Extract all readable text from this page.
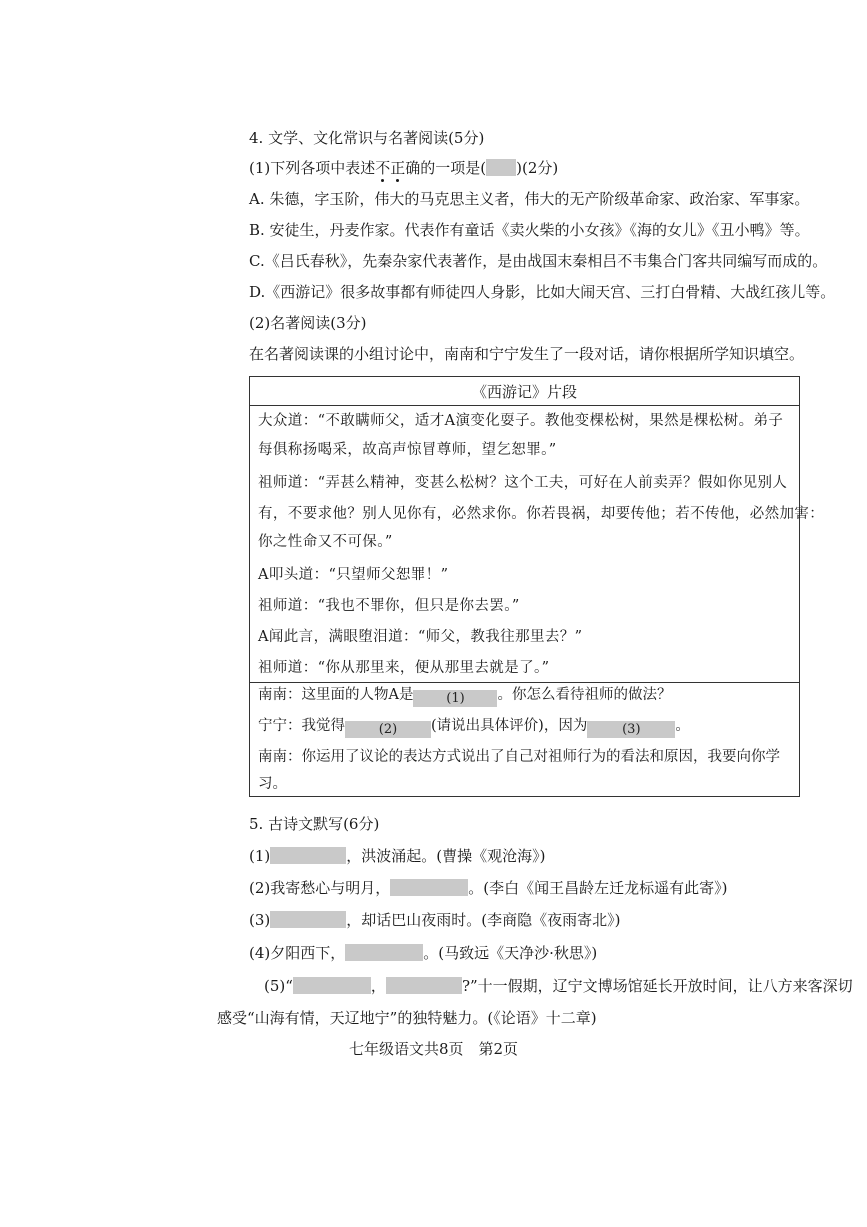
4. 文学、文化常识与名著阅读(5分)
(1)下列各项中表述不正确的一项是( )(2分)
A. 朱德，字玉阶，伟大的马克思主义者，伟大的无产阶级革命家、政治家、军事家。
B. 安徒生，丹麦作家。代表作有童话《卖火柴的小女孩》《海的女儿》《丑小鸭》等。
C.《吕氏春秋》，先秦杂家代表著作，是由战国末秦相吕不韦集合门客共同编写而成的。
D.《西游记》很多故事都有师徒四人身影，比如大闹天宫、三打白骨精、大战红孩儿等。
(2)名著阅读(3分)
在名著阅读课的小组讨论中，南南和宁宁发生了一段对话，请你根据所学知识填空。
《西游记》片段
大众道：“不敢瞒师父，适才A演变化耍子。教他变棵松树，果然是棵松树。弟子
每俱称扬喝采，故高声惊冒尊师，望乞恕罪。”
祖师道：“弄甚么精神，变甚么松树？这个工夫，可好在人前卖弄？假如你见别人
有，不要求他？别人见你有，必然求你。你若畏祸，却要传他；若不传他，必然加害：
你之性命又不可保。”
A叩头道：“只望师父恕罪！”
祖师道：“我也不罪你，但只是你去罢。”
A闻此言，满眼堕泪道：“师父，教我往那里去？”
祖师道：“你从那里来，便从那里去就是了。”
南南：这里面的人物A是	(1) 。你怎么看待祖师的做法？
宁宁：我觉得	(2) (请说出具体评价)，因为	(3) 。
南南：你运用了议论的表达方式说出了自己对祖师行为的看法和原因，我要向你学
习。
5. 古诗文默写(6分)
(1)	，洪波涌起。(曹操《观沧海》)
(2)我寄愁心与明月，	。(李白《闻王昌龄左迁龙标遥有此寄》)
(3)	，却话巴山夜雨时。(李商隐《夜雨寄北》)
(4)夕阳西下，	。(马致远《天净沙·秋思》)
(5)“	，	?”十一假期，辽宁文博场馆延长开放时间，让八方来客深切
感受“山海有情，天辽地宁”的独特魅力。(《论语》十二章)
七年级语文共8页　第2页
